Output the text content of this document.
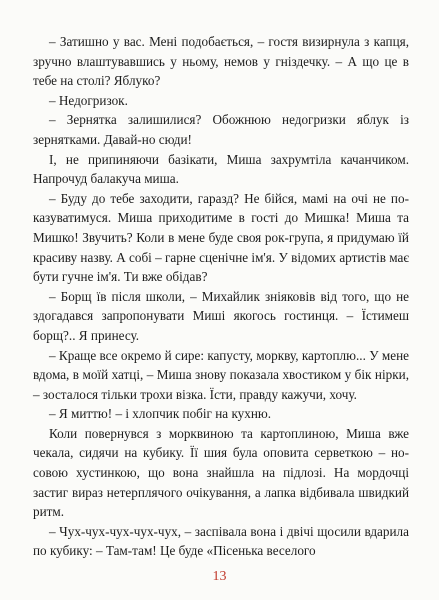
– Затишно у вас. Мені подобається, – гостя визирнула з капця, зручно влаштувавшись у ньому, немов у гніздечку. – А що це в тебе на столі? Яблуко?

– Недогризок.

– Зернятка залишилися? Обожнюю недогризки яблук із зернятками. Давай-но сюди!

І, не припиняючи базікати, Миша захрумтіла качанчиком. Напрочуд балакуча миша.

– Буду до тебе заходити, гаразд? Не бійся, мамі на очі не показуватимуся. Миша приходитиме в гості до Мишка! Миша та Мишко! Звучить? Коли в мене буде своя рок-група, я придумаю їй красиву назву. А собі – гарне сценічне ім'я. У відомих артистів має бути гучне ім'я. Ти вже обідав?

– Борщ їв після школи, – Михайлик зніяковів від того, що не здогадався запропонувати Миші якогось гостинця. – Їстимеш борщ?.. Я принесу.

– Краще все окремо й сире: капусту, моркву, картоплю... У мене вдома, в моїй хатці, – Миша знову показала хвостиком у бік нірки, – зосталося тільки трохи візка. Їсти, правду кажучи, хочу.

– Я миттю! – і хлопчик побіг на кухню.

Коли повернувся з морквиною та картоплиною, Миша вже чекала, сидячи на кубику. Її шия була оповита серветкою – носовою хустинкою, що вона знайшла на підлозі. На мордочці застиг вираз нетерплячого очікування, а лапка відбивала швидкий ритм.

– Чух-чух-чух-чух-чух, – заспівала вона і двічі щосили вдарила по кубику: – Там-там! Це буде «Пісенька веселого

13
